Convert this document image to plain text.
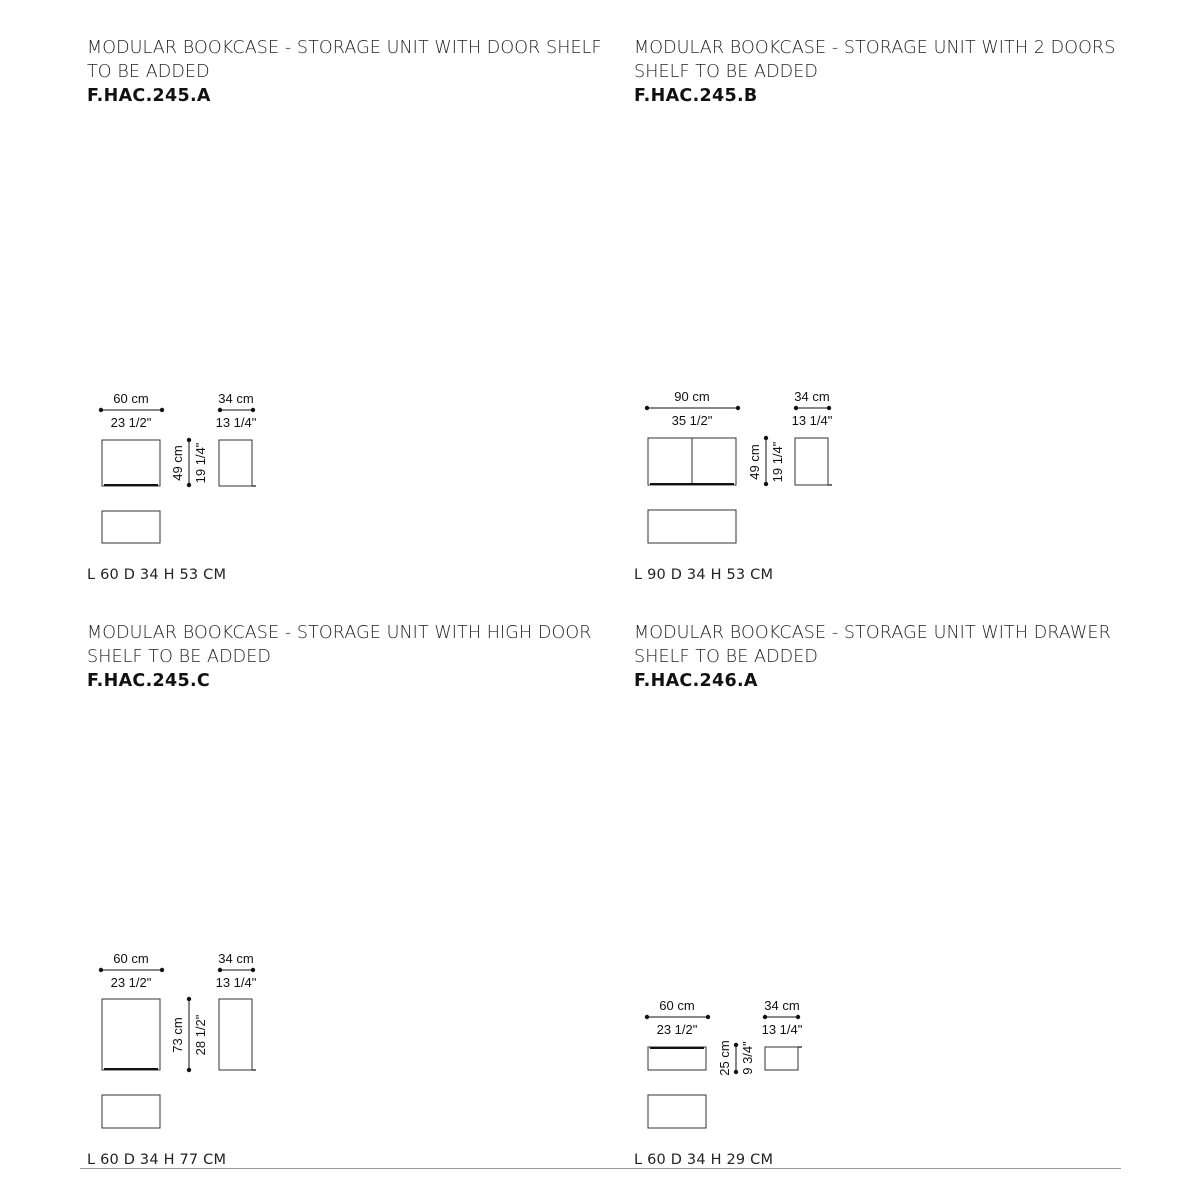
MODULAR BOOKCASE - STORAGE UNIT WITH DOOR SHELF
TO BE ADDED
F.HAC.245.A
60 cm
23 1/2"
34 cm
13 1/4"
49 cm 19 1/4"
L 60 D 34 H 53 CM
MODULAR BOOKCASE - STORAGE UNIT WITH 2 DOORS
SHELF TO BE ADDED
F.HAC.245.B
90 cm
35 1/2"
34 cm
13 1/4"
49 cm 19 1/4"
L 90 D 34 H 53 CM
MODULAR BOOKCASE - STORAGE UNIT WITH HIGH DOOR
SHELF TO BE ADDED
F.HAC.245.C
60 cm
23 1/2"
34 cm
13 1/4"
73 cm 28 1/2"
L 60 D 34 H 77 CM
MODULAR BOOKCASE - STORAGE UNIT WITH DRAWER
SHELF TO BE ADDED
F.HAC.246.A
60 cm
23 1/2"
34 cm
13 1/4"
25 cm 9 3/4"
L 60 D 34 H 29 CM
